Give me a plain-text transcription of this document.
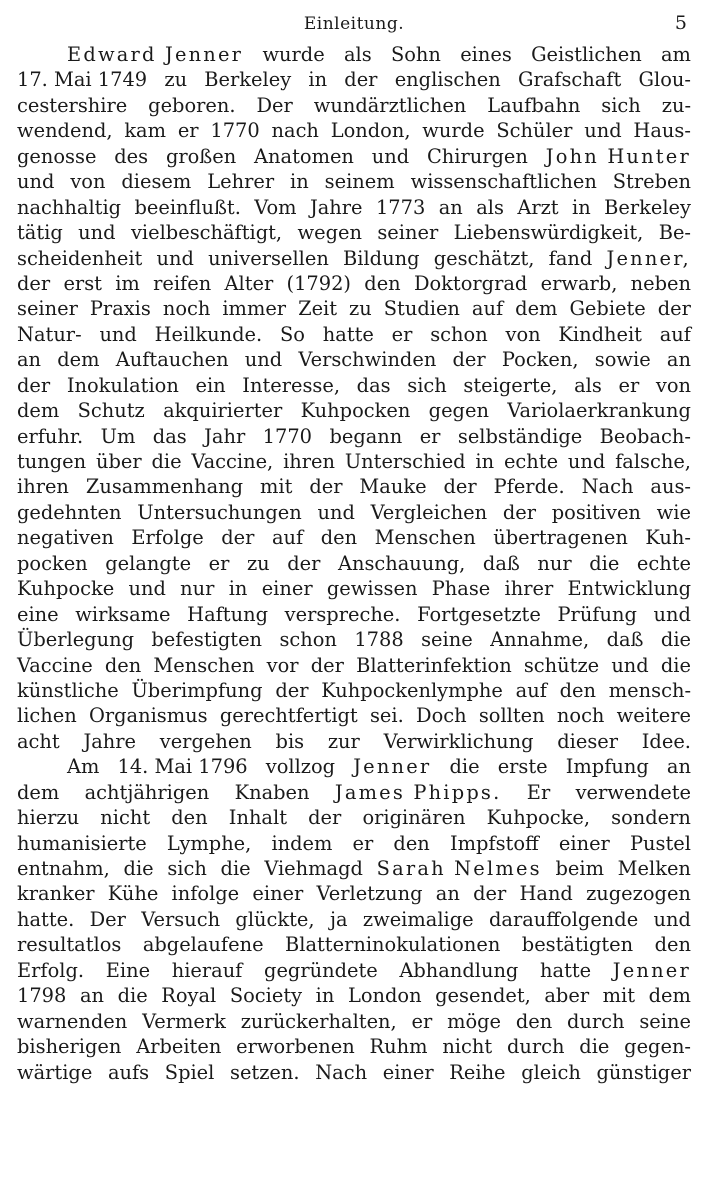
Einleitung.	5
Edward Jenner wurde als Sohn eines Geistlichen am
17. Mai 1749 zu Berkeley in der englischen Grafschaft Glou-
cestershire geboren. Der wundärztlichen Laufbahn sich zu-
wendend, kam er 1770 nach London, wurde Schüler und Haus-
genosse des großen Anatomen und Chirurgen John Hunter
und von diesem Lehrer in seinem wissenschaftlichen Streben
nachhaltig beeinflußt. Vom Jahre 1773 an als Arzt in Berkeley
tätig und vielbeschäftigt, wegen seiner Liebenswürdigkeit, Be-
scheidenheit und universellen Bildung geschätzt, fand Jenner,
der erst im reifen Alter (1792) den Doktorgrad erwarb, neben
seiner Praxis noch immer Zeit zu Studien auf dem Gebiete der
Natur- und Heilkunde. So hatte er schon von Kindheit auf
an dem Auftauchen und Verschwinden der Pocken, sowie an
der Inokulation ein Interesse, das sich steigerte, als er von
dem Schutz akquirierter Kuhpocken gegen Variolaerkrankung
erfuhr. Um das Jahr 1770 begann er selbständige Beobach-
tungen über die Vaccine, ihren Unterschied in echte und falsche,
ihren Zusammenhang mit der Mauke der Pferde. Nach aus-
gedehnten Untersuchungen und Vergleichen der positiven wie
negativen Erfolge der auf den Menschen übertragenen Kuh-
pocken gelangte er zu der Anschauung, daß nur die echte
Kuhpocke und nur in einer gewissen Phase ihrer Entwicklung
eine wirksame Haftung verspreche. Fortgesetzte Prüfung und
Überlegung befestigten schon 1788 seine Annahme, daß die
Vaccine den Menschen vor der Blatterinfektion schütze und die
künstliche Überimpfung der Kuhpockenlymphe auf den mensch-
lichen Organismus gerechtfertigt sei. Doch sollten noch weitere
acht Jahre vergehen bis zur Verwirklichung dieser Idee.
Am 14. Mai 1796 vollzog Jenner die erste Impfung an
dem achtjährigen Knaben James Phipps. Er verwendete
hierzu nicht den Inhalt der originären Kuhpocke, sondern
humanisierte Lymphe, indem er den Impfstoff einer Pustel
entnahm, die sich die Viehmagd Sarah Nelmes beim Melken
kranker Kühe infolge einer Verletzung an der Hand zugezogen
hatte. Der Versuch glückte, ja zweimalige darauffolgende und
resultatlos abgelaufene Blatterninokulationen bestätigten den
Erfolg. Eine hierauf gegründete Abhandlung hatte Jenner
1798 an die Royal Society in London gesendet, aber mit dem
warnenden Vermerk zurückerhalten, er möge den durch seine
bisherigen Arbeiten erworbenen Ruhm nicht durch die gegen-
wärtige aufs Spiel setzen. Nach einer Reihe gleich günstiger
